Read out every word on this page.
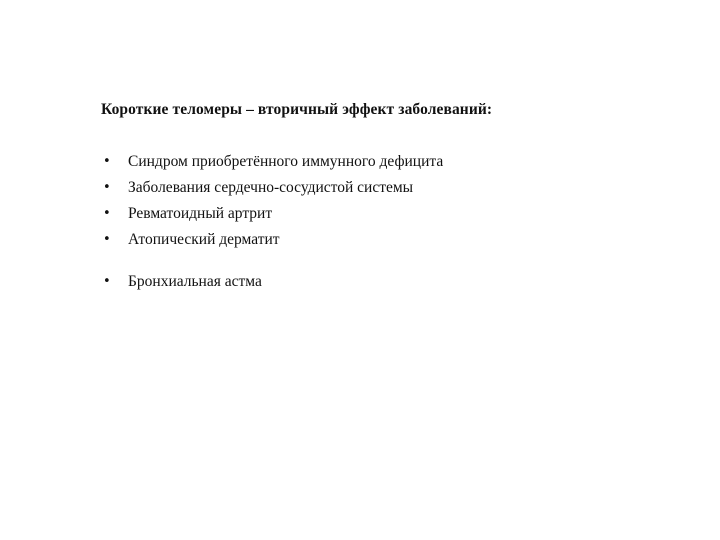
Короткие теломеры – вторичный эффект заболеваний:
• Синдром приобретённого иммунного дефицита
• Заболевания сердечно-сосудистой системы
• Ревматоидный артрит
• Атопический дерматит
• Бронхиальная астма
